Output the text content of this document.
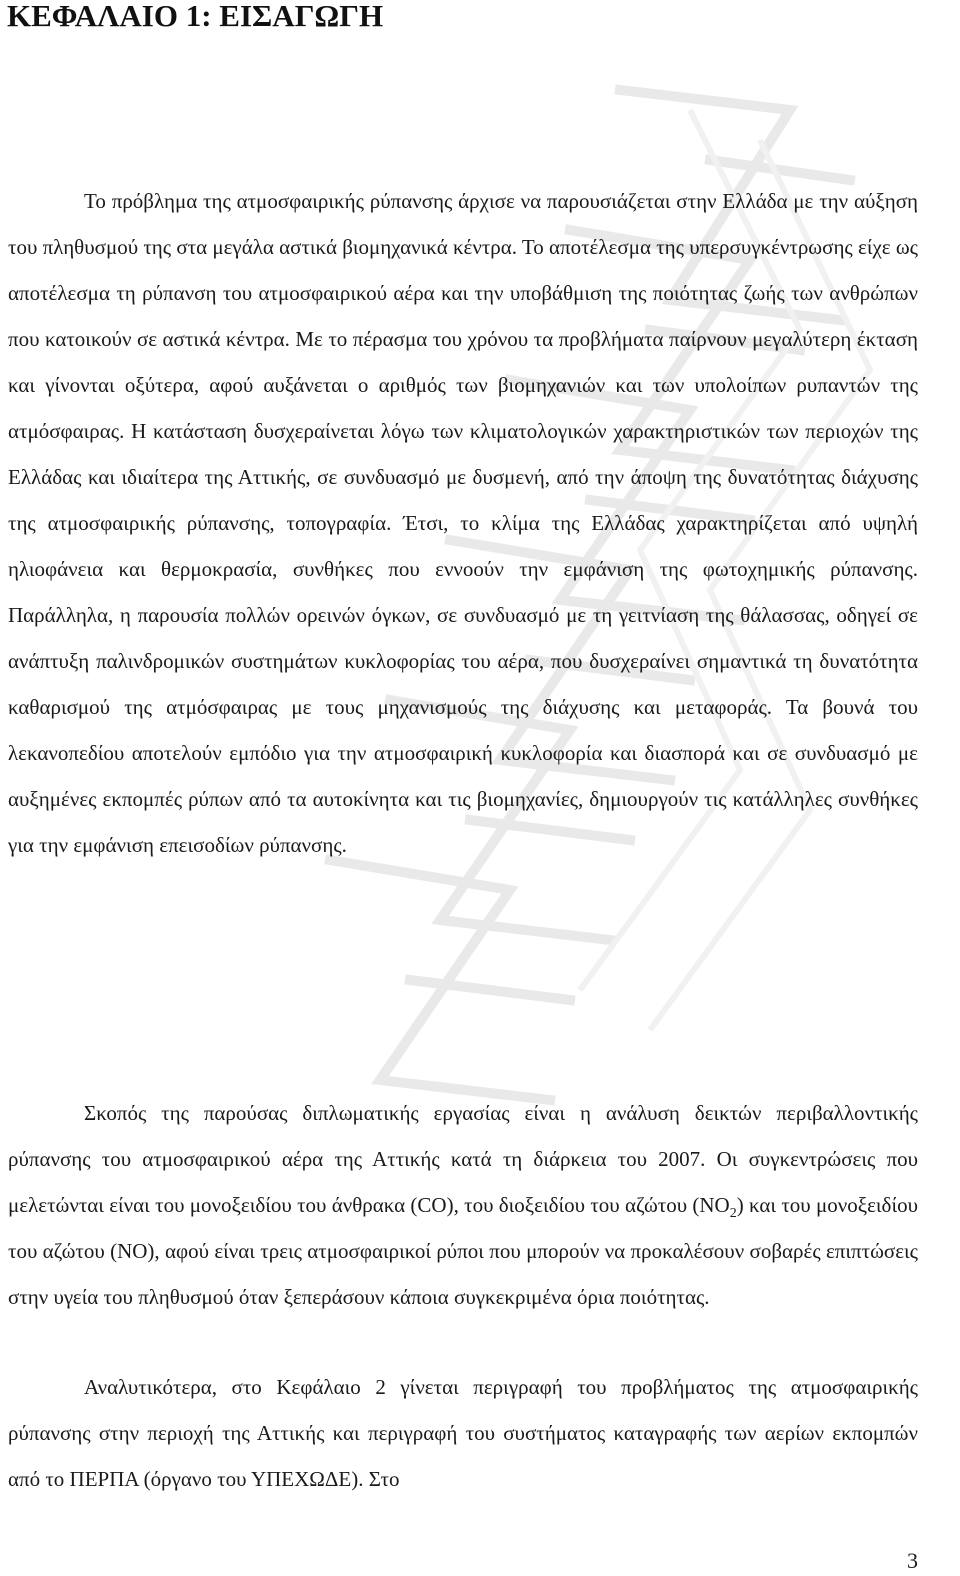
ΚΕΦΑΛΑΙΟ 1: ΕΙΣΑΓΩΓΗ

Το πρόβλημα της ατμοσφαιρικής ρύπανσης άρχισε να παρουσιάζεται στην Ελλάδα με την αύξηση του πληθυσμού της στα μεγάλα αστικά βιομηχανικά κέντρα. Το αποτέλεσμα της υπερσυγκέντρωσης είχε ως αποτέλεσμα τη ρύπανση του ατμοσφαιρικού αέρα και την υποβάθμιση της ποιότητας ζωής των ανθρώπων που κατοικούν σε αστικά κέντρα. Με το πέρασμα του χρόνου τα προβλήματα παίρνουν μεγαλύτερη έκταση και γίνονται οξύτερα, αφού αυξάνεται ο αριθμός των βιομηχανιών και των υπολοίπων ρυπαντών της ατμόσφαιρας. Η κατάσταση δυσχεραίνεται λόγω των κλιματολογικών χαρακτηριστικών των περιοχών της Ελλάδας και ιδιαίτερα της Αττικής, σε συνδυασμό με δυσμενή, από την άποψη της δυνατότητας διάχυσης της ατμοσφαιρικής ρύπανσης, τοπογραφία. Έτσι, το κλίμα της Ελλάδας χαρακτηρίζεται από υψηλή ηλιοφάνεια και θερμοκρασία, συνθήκες που εννοούν την εμφάνιση της φωτοχημικής ρύπανσης. Παράλληλα, η παρουσία πολλών ορεινών όγκων, σε συνδυασμό με τη γειτνίαση της θάλασσας, οδηγεί σε ανάπτυξη παλινδρομικών συστημάτων κυκλοφορίας του αέρα, που δυσχεραίνει σημαντικά τη δυνατότητα καθαρισμού της ατμόσφαιρας με τους μηχανισμούς της διάχυσης και μεταφοράς. Τα βουνά του λεκανοπεδίου αποτελούν εμπόδιο για την ατμοσφαιρική κυκλοφορία και διασπορά και σε συνδυασμό με αυξημένες εκπομπές ρύπων από τα αυτοκίνητα και τις βιομηχανίες, δημιουργούν τις κατάλληλες συνθήκες για την εμφάνιση επεισοδίων ρύπανσης.

Σκοπός της παρούσας διπλωματικής εργασίας είναι η ανάλυση δεικτών περιβαλλοντικής ρύπανσης του ατμοσφαιρικού αέρα της Αττικής κατά τη διάρκεια του 2007. Οι συγκεντρώσεις που μελετώνται είναι του μονοξειδίου του άνθρακα (CO), του διοξειδίου του αζώτου $(NO_2)$ και του μονοξειδίου του αζώτου (NO), αφού είναι τρεις ατμοσφαιρικοί ρύποι που μπορούν να προκαλέσουν σοβαρές επιπτώσεις στην υγεία του πληθυσμού όταν ξεπεράσουν κάποια συγκεκριμένα όρια ποιότητας.

Αναλυτικότερα, στο Κεφάλαιο 2 γίνεται περιγραφή του προβλήματος της ατμοσφαιρικής ρύπανσης στην περιοχή της Αττικής και περιγραφή του συστήματος καταγραφής των αερίων εκπομπών από το ΠΕΡΠΑ (όργανο του ΥΠΕΧΩΔΕ). Στο

3
